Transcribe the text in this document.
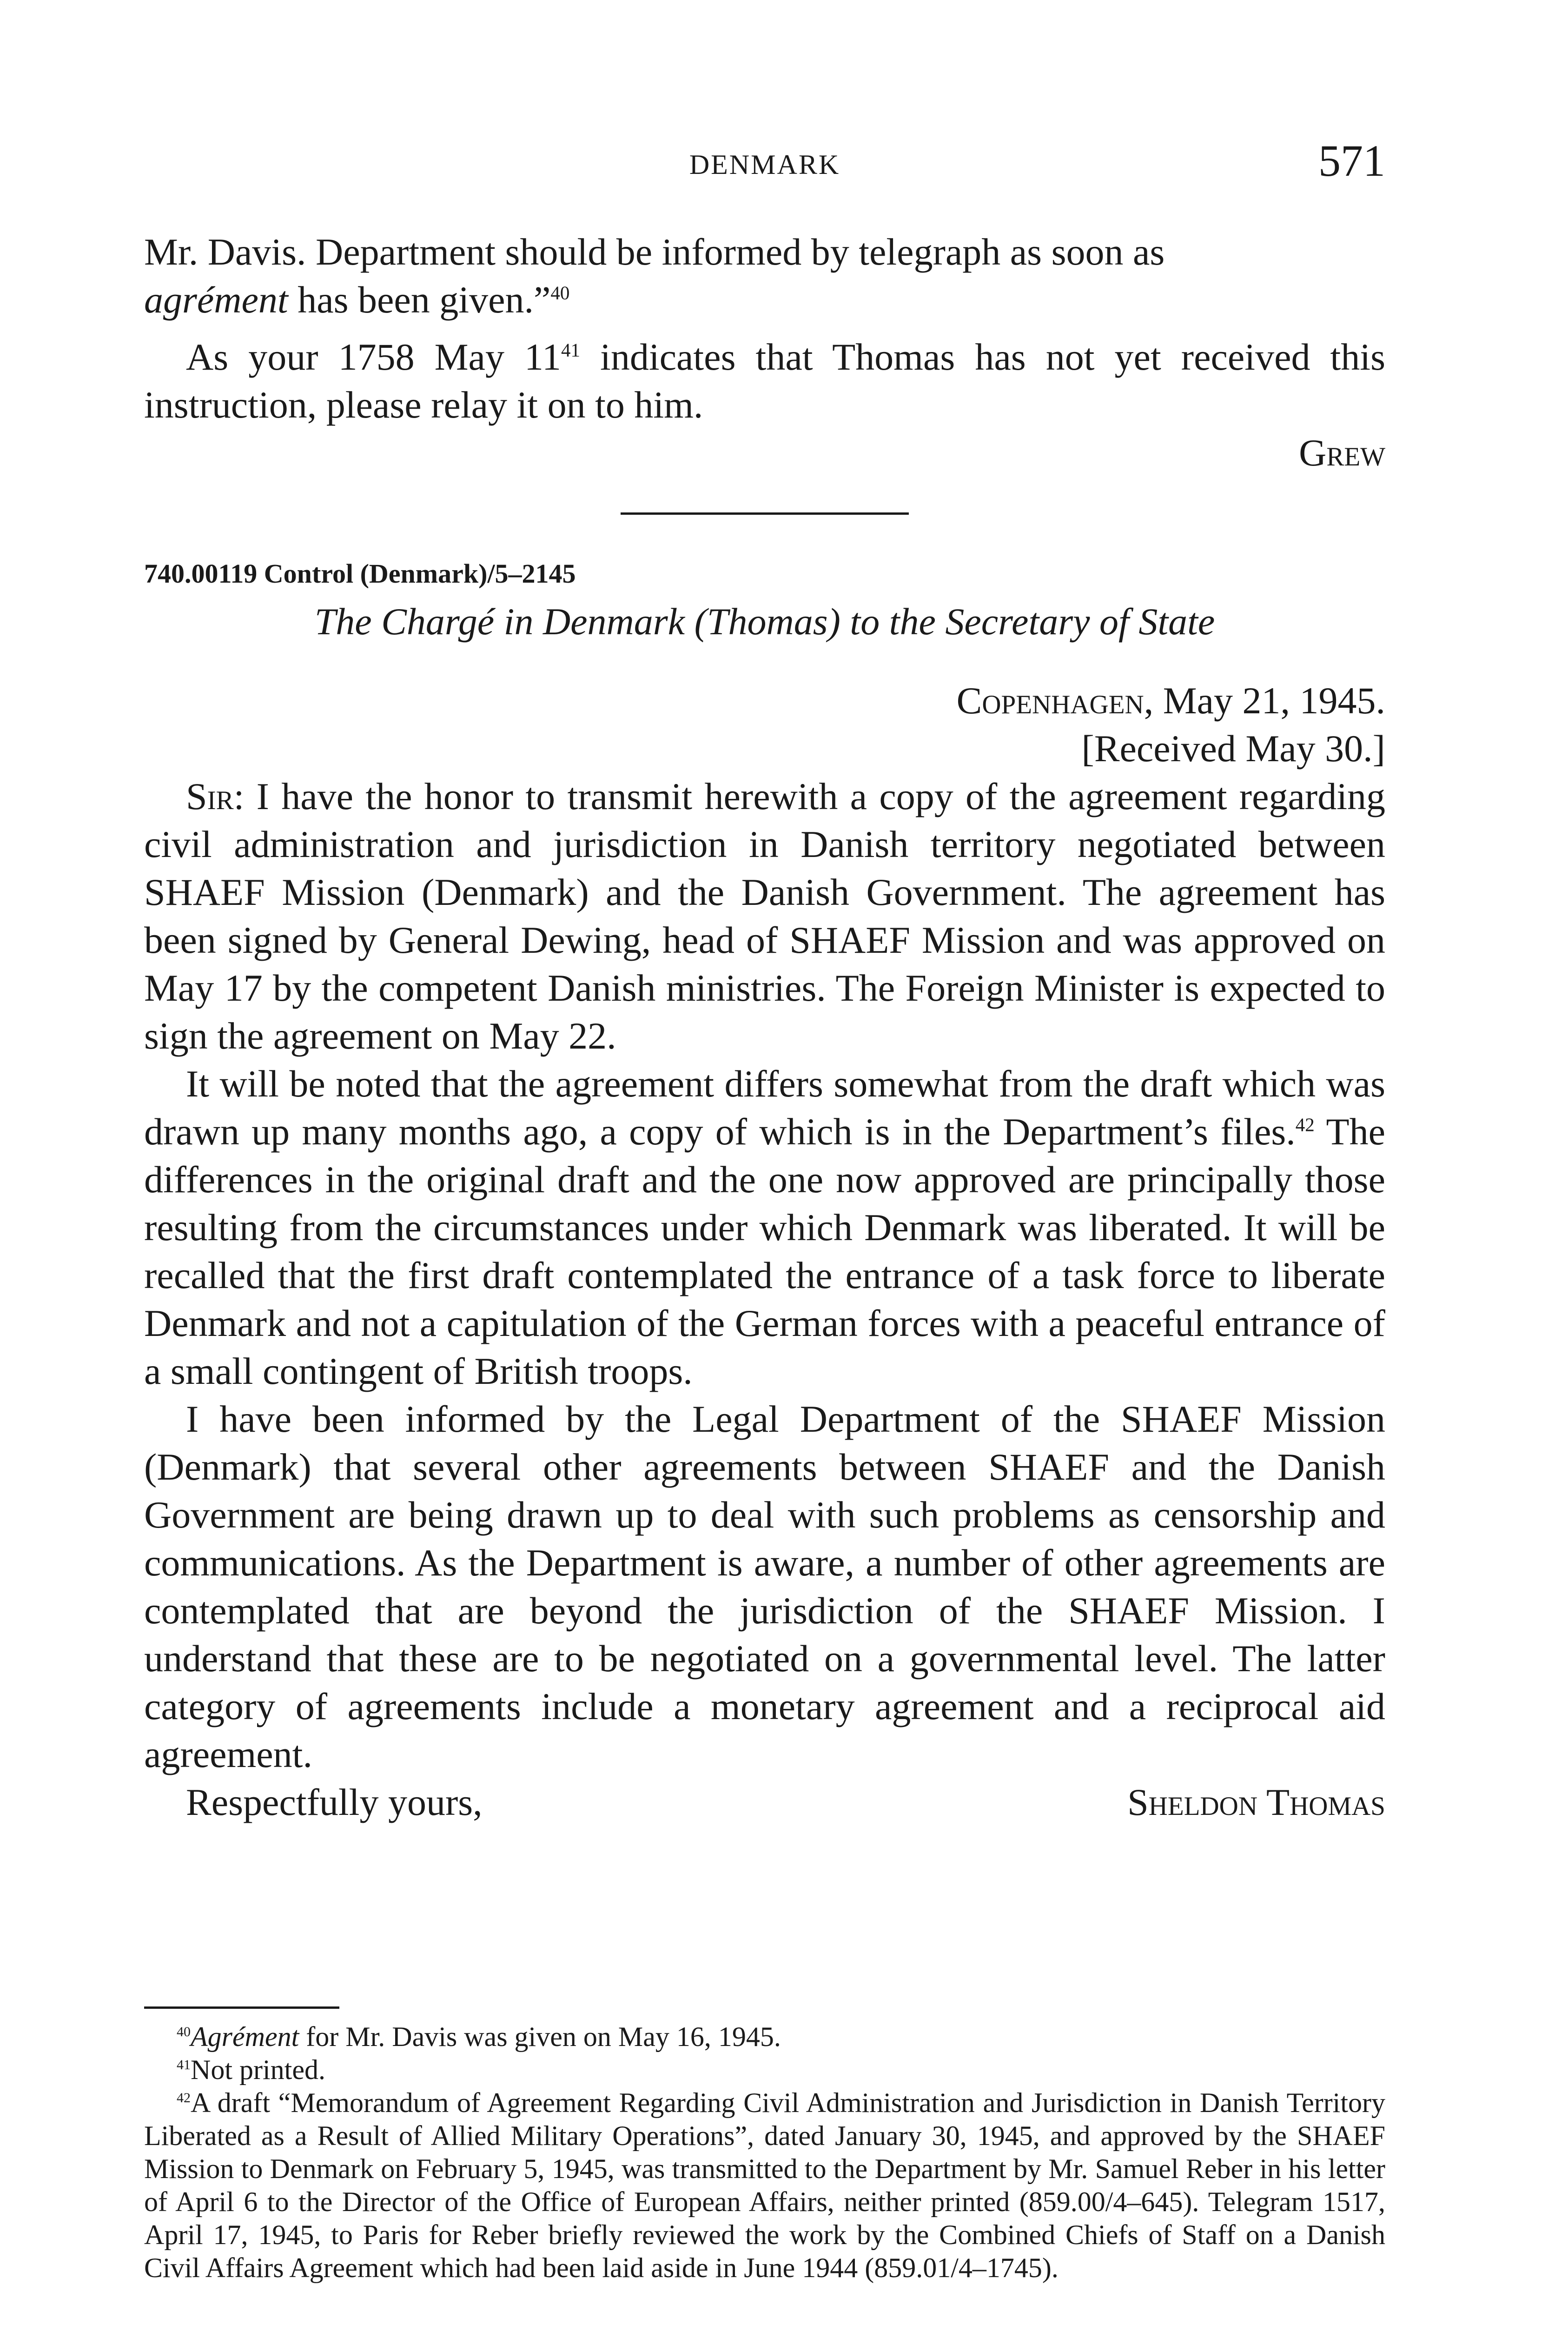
DENMARK	571

Mr. Davis. Department should be informed by telegraph as soon as
agrément has been given.”$^{40}$

As your 1758 May $11^{41}$ indicates that Thomas has not yet received this instruction, please relay it on to him.

Grew

740.00119 Control (Denmark)/5–2145
The Chargé in Denmark (Thomas) to the Secretary of State

Copenhagen, May 21, 1945.

[Received May 30.]

Sir: I have the honor to transmit herewith a copy of the agreement regarding civil administration and jurisdiction in Danish territory negotiated between SHAEF Mission (Denmark) and the Danish Government. The agreement has been signed by General Dewing, head of SHAEF Mission and was approved on May 17 by the competent Danish ministries. The Foreign Minister is expected to sign the agreement on May 22.

It will be noted that the agreement differs somewhat from the draft which was drawn up many months ago, a copy of which is in the Department’s files.$^{42}$ The differences in the original draft and the one now approved are principally those resulting from the circumstances under which Denmark was liberated. It will be recalled that the first draft contemplated the entrance of a task force to liberate Denmark and not a capitulation of the German forces with a peaceful entrance of a small contingent of British troops.

I have been informed by the Legal Department of the SHAEF Mission (Denmark) that several other agreements between SHAEF and the Danish Government are being drawn up to deal with such problems as censorship and communications. As the Department is aware, a number of other agreements are contemplated that are beyond the jurisdiction of the SHAEF Mission. I understand that these are to be negotiated on a governmental level. The latter category of agreements include a monetary agreement and a reciprocal aid agreement.

Respectfully yours,	Sheldon Thomas

$^{40}$Agrément for Mr. Davis was given on May 16, 1945.

$^{41}$Not printed.

$^{42}$A draft “Memorandum of Agreement Regarding Civil Administration and Jurisdiction in Danish Territory Liberated as a Result of Allied Military Operations”, dated January 30, 1945, and approved by the SHAEF Mission to Denmark on February 5, 1945, was transmitted to the Department by Mr. Samuel Reber in his letter of April 6 to the Director of the Office of European Affairs, neither printed (859.00/4–645). Telegram 1517, April 17, 1945, to Paris for Reber briefly reviewed the work by the Combined Chiefs of Staff on a Danish Civil Affairs Agreement which had been laid aside in June 1944 (859.01/4–1745).
